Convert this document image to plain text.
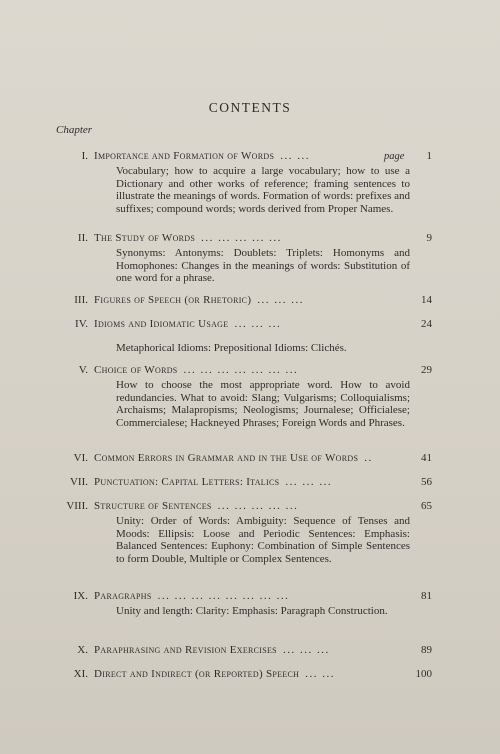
CONTENTS
Chapter
I. Importance and Formation of Words ... ...	page 1
Vocabulary; how to acquire a large vocabulary; how to use a Dictionary and other works of reference; framing sentences to illustrate the meanings of words. Formation of words: prefixes and suffixes; compound words; words derived from Proper Names.
II. The Study of Words ... ... ... ... ...	9
Synonyms: Antonyms: Doublets: Triplets: Homonyms and Homophones: Changes in the meanings of words: Substitution of one word for a phrase.
III. Figures of Speech (or Rhetoric) ... ... ...	14
IV. Idioms and Idiomatic Usage ... ... ...	24
Metaphorical Idioms: Prepositional Idioms: Clichés.
V. Choice of Words ... ... ... ... ... ... ...	29
How to choose the most appropriate word. How to avoid redundancies. What to avoid: Slang; Vulgarisms; Colloquialisms; Archaisms; Malapropisms; Neologisms; Journalese; Officialese; Commercialese; Hackneyed Phrases; Foreign Words and Phrases.
VI. Common Errors in Grammar and in the Use of Words ..	41
VII. Punctuation: Capital Letters: Italics ... ... ...	56
VIII. Structure of Sentences ... ... ... ... ...	65
Unity: Order of Words: Ambiguity: Sequence of Tenses and Moods: Ellipsis: Loose and Periodic Sentences: Emphasis: Balanced Sentences: Euphony: Combination of Simple Sentences to form Double, Multiple or Complex Sentences.
IX. Paragraphs ... ... ... ... ... ... ... ...	81
Unity and length: Clarity: Emphasis: Paragraph Construction.
X. Paraphrasing and Revision Exercises ... ... ...	89
XI. Direct and Indirect (or Reported) Speech ... ...	100
